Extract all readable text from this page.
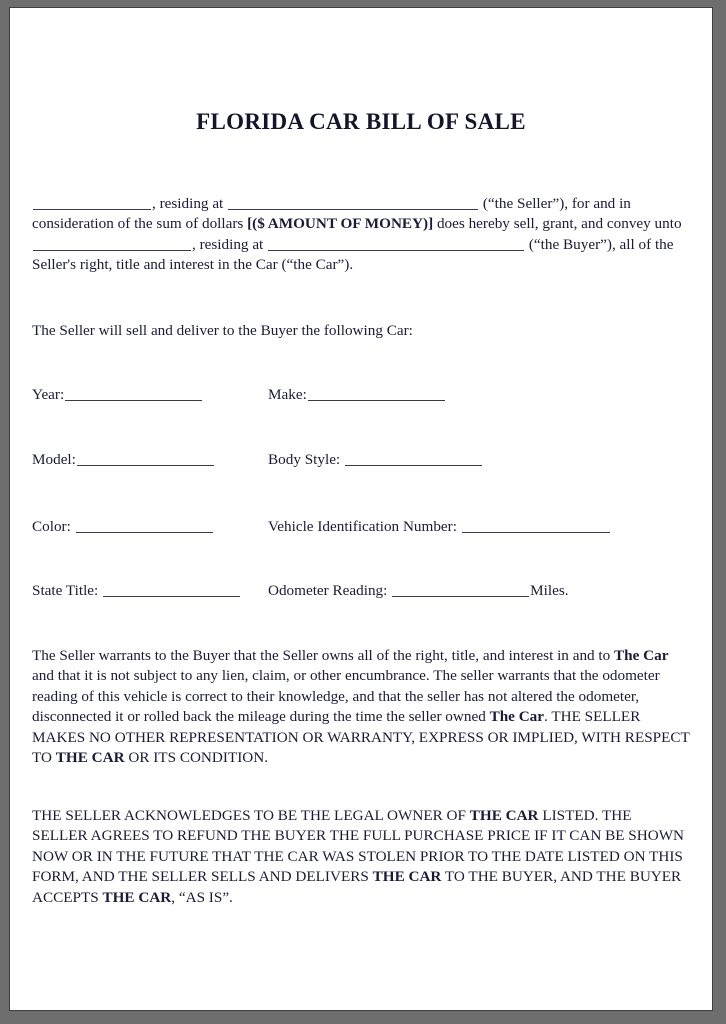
FLORIDA CAR BILL OF SALE
, residing at	(“the Seller”), for and in consideration of the sum of dollars [($ AMOUNT OF MONEY)] does hereby sell, grant, and convey unto , residing at	(“the Buyer”), all of the Seller's right, title and interest in the Car (“the Car”).
The Seller will sell and deliver to the Buyer the following Car:
Year:	Make:
Model:	Body Style:
Color:	Vehicle Identification Number:
State Title:	Odometer Reading:	Miles.
The Seller warrants to the Buyer that the Seller owns all of the right, title, and interest in and to The Car and that it is not subject to any lien, claim, or other encumbrance. The seller warrants that the odometer reading of this vehicle is correct to their knowledge, and that the seller has not altered the odometer, disconnected it or rolled back the mileage during the time the seller owned The Car. THE SELLER MAKES NO OTHER REPRESENTATION OR WARRANTY, EXPRESS OR IMPLIED, WITH RESPECT TO THE CAR OR ITS CONDITION.
THE SELLER ACKNOWLEDGES TO BE THE LEGAL OWNER OF THE CAR LISTED. THE SELLER AGREES TO REFUND THE BUYER THE FULL PURCHASE PRICE IF IT CAN BE SHOWN NOW OR IN THE FUTURE THAT THE CAR WAS STOLEN PRIOR TO THE DATE LISTED ON THIS FORM, AND THE SELLER SELLS AND DELIVERS THE CAR TO THE BUYER, AND THE BUYER ACCEPTS THE CAR, “AS IS”.
